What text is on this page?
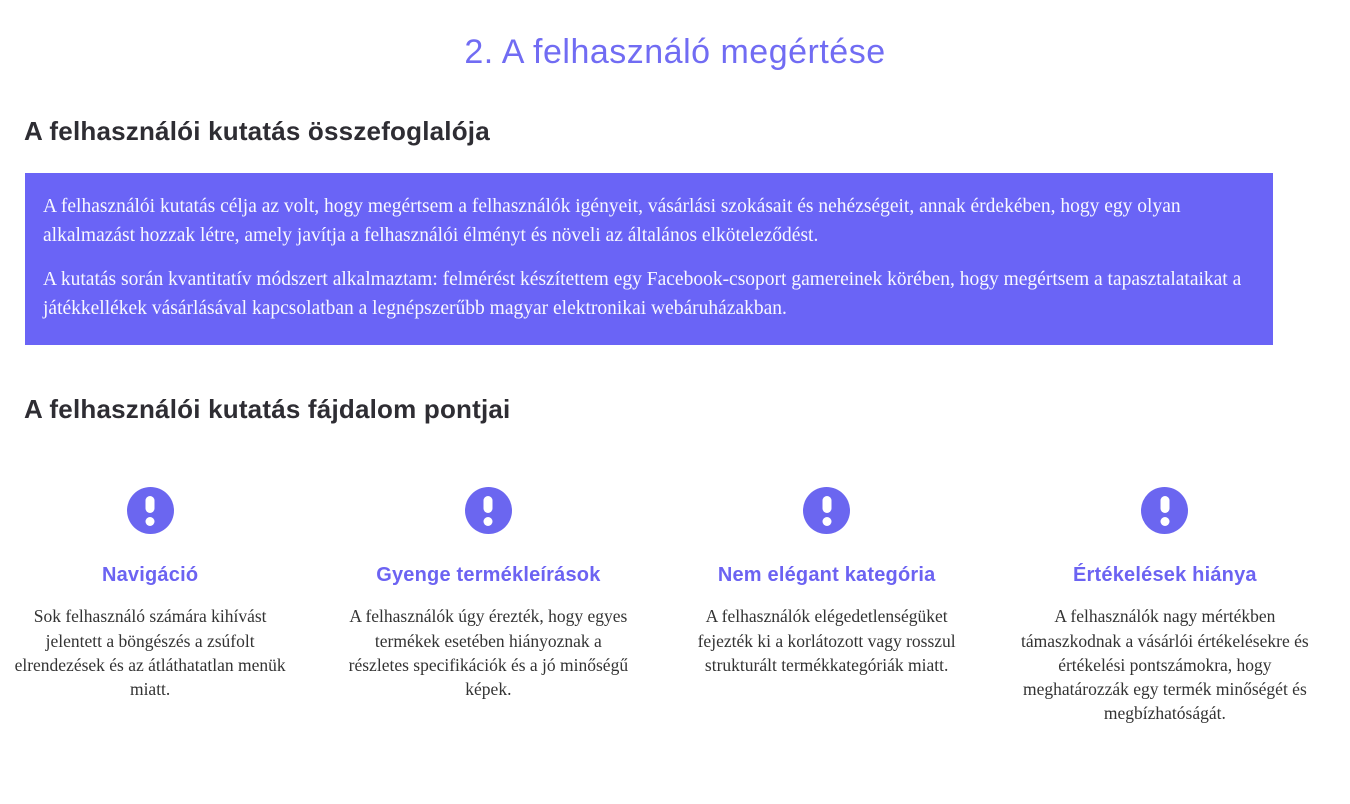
2. A felhasználó megértése
A felhasználói kutatás összefoglalója

A felhasználói kutatás célja az volt, hogy megértsem a felhasználók igényeit, vásárlási szokásait és nehézségeit, annak érdekében, hogy egy olyan alkalmazást hozzak létre, amely javítja a felhasználói élményt és növeli az általános elköteleződést.

A kutatás során kvantitatív módszert alkalmaztam: felmérést készítettem egy Facebook-csoport gamereinek körében, hogy megértsem a tapasztalataikat a játékkellékek vásárlásával kapcsolatban a legnépszerűbb magyar elektronikai webáruházakban.

A felhasználói kutatás fájdalom pontjai
Navigáció

Sok felhasználó számára kihívást jelentett a böngészés a zsúfolt elrendezések és az átláthatatlan menük miatt.

Gyenge termékleírások

A felhasználók úgy érezték, hogy egyes termékek esetében hiányoznak a részletes specifikációk és a jó minőségű képek.

Nem elégant kategória

A felhasználók elégedetlenségüket fejezték ki a korlátozott vagy rosszul strukturált termékkategóriák miatt.

Értékelések hiánya

A felhasználók nagy mértékben támaszkodnak a vásárlói értékelésekre és értékelési pontszámokra, hogy meghatározzák egy termék minőségét és megbízhatóságát.
